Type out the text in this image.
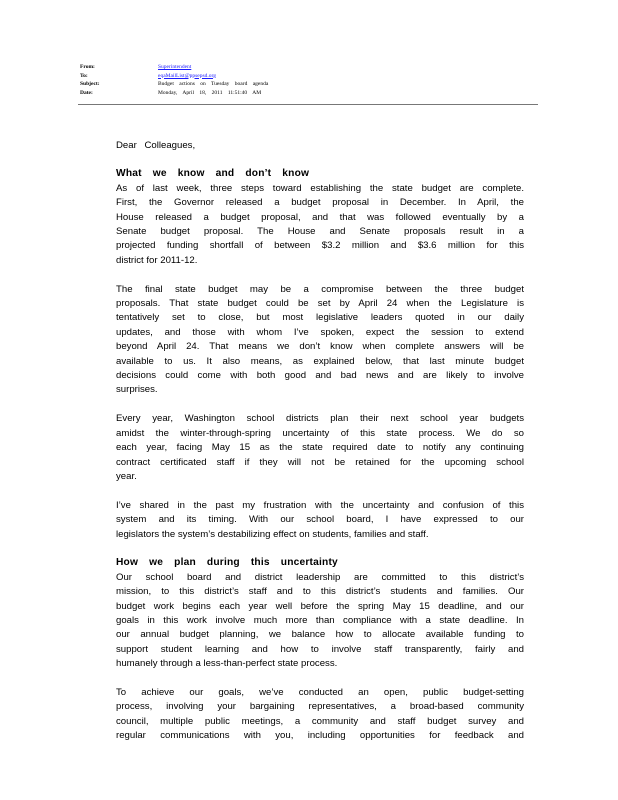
From:	Superintendent
To:	eqaMailList@ppsepsd.org
Subject:	Budget actions on Tuesday board agenda
Date:	Monday, April 18, 2011 11:51:40 AM

Dear Colleagues,

What we know and don’t know

As of last week, three steps toward establishing the state budget are complete.
First, the Governor released a budget proposal in December. In April, the
House released a budget proposal, and that was followed eventually by a
Senate budget proposal. The House and Senate proposals result in a
projected funding shortfall of between $3.2 million and $3.6 million for this
district for 2011-12.
The final state budget may be a compromise between the three budget
proposals. That state budget could be set by April 24 when the Legislature is
tentatively set to close, but most legislative leaders quoted in our daily
updates, and those with whom I’ve spoken, expect the session to extend
beyond April 24. That means we don’t know when complete answers will be
available to us. It also means, as explained below, that last minute budget
decisions could come with both good and bad news and are likely to involve
surprises.
Every year, Washington school districts plan their next school year budgets
amidst the winter-through-spring uncertainty of this state process. We do so
each year, facing May 15 as the state required date to notify any continuing
contract certificated staff if they will not be retained for the upcoming school
year.
I’ve shared in the past my frustration with the uncertainty and confusion of this
system and its timing. With our school board, I have expressed to our
legislators the system’s destabilizing effect on students, families and staff.

How we plan during this uncertainty

Our school board and district leadership are committed to this district’s
mission, to this district’s staff and to this district’s students and families. Our
budget work begins each year well before the spring May 15 deadline, and our
goals in this work involve much more than compliance with a state deadline. In
our annual budget planning, we balance how to allocate available funding to
support student learning and how to involve staff transparently, fairly and
humanely through a less-than-perfect state process.
To achieve our goals, we’ve conducted an open, public budget-setting
process, involving your bargaining representatives, a broad-based community
council, multiple public meetings, a community and staff budget survey and
regular communications with you, including opportunities for feedback and
